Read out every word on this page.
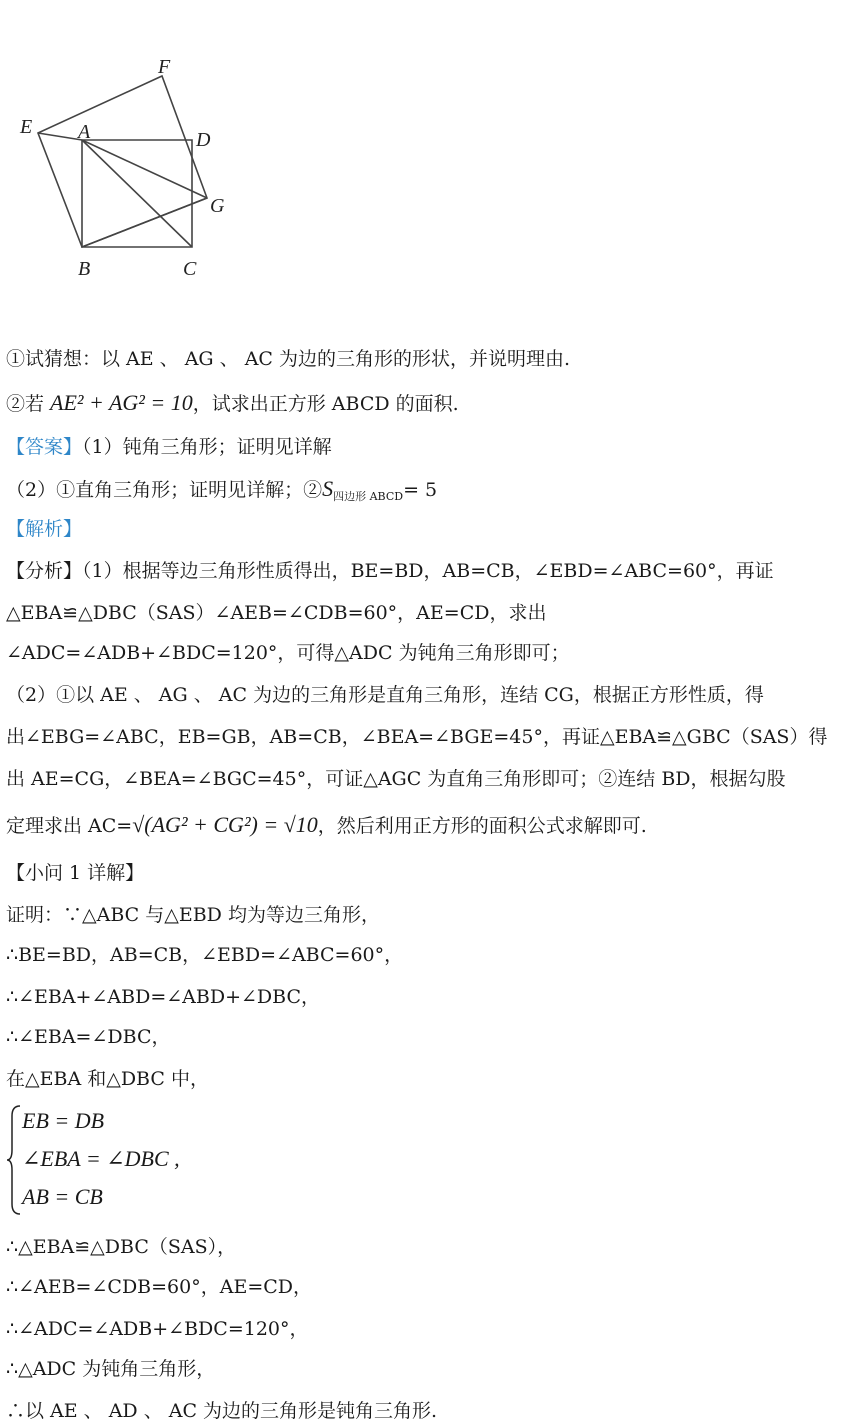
E
F
A	D
G
B	C
①试猜想：以 AE 、 AG 、 AC 为边的三角形的形状，并说明理由.
②若 AE² + AG² = 10，试求出正方形 ABCD 的面积.
【答案】（1）钝角三角形；证明见详解
（2）①直角三角形；证明见详解；$②S_{四边形 ABCD}= 5$
【解析】
【分析】（1）根据等边三角形性质得出，BE=BD，AB=CB，∠EBD=∠ABC=60°，再证
△EBA≌△DBC（SAS）∠AEB=∠CDB=60°，AE=CD，求出
∠ADC=∠ADB+∠BDC=120°，可得△ADC 为钝角三角形即可；
（2）①以 AE 、 AG 、 AC 为边的三角形是直角三角形，连结 CG，根据正方形性质，得
出∠EBG=∠ABC，EB=GB，AB=CB，∠BEA=∠BGE=45°，再证△EBA≌△GBC（SAS）得
出 AE=CG，∠BEA=∠BGC=45°，可证△AGC 为直角三角形即可；②连结 BD，根据勾股
定理求出 AC=√(AG² + CG²) = √10，然后利用正方形的面积公式求解即可.
【小问 1 详解】
证明：∵△ABC 与△EBD 均为等边三角形，
∴BE=BD，AB=CB，∠EBD=∠ABC=60°，
∴∠EBA+∠ABD=∠ABD+∠DBC，
∴∠EBA=∠DBC，
在△EBA 和△DBC 中，
EB = DB
∠EBA = ∠DBC ,
AB = CB
∴△EBA≌△DBC（SAS），
∴∠AEB=∠CDB=60°，AE=CD，
∴∠ADC=∠ADB+∠BDC=120°，
∴△ADC 为钝角三角形，
∴以 AE 、 AD 、 AC 为边的三角形是钝角三角形.
